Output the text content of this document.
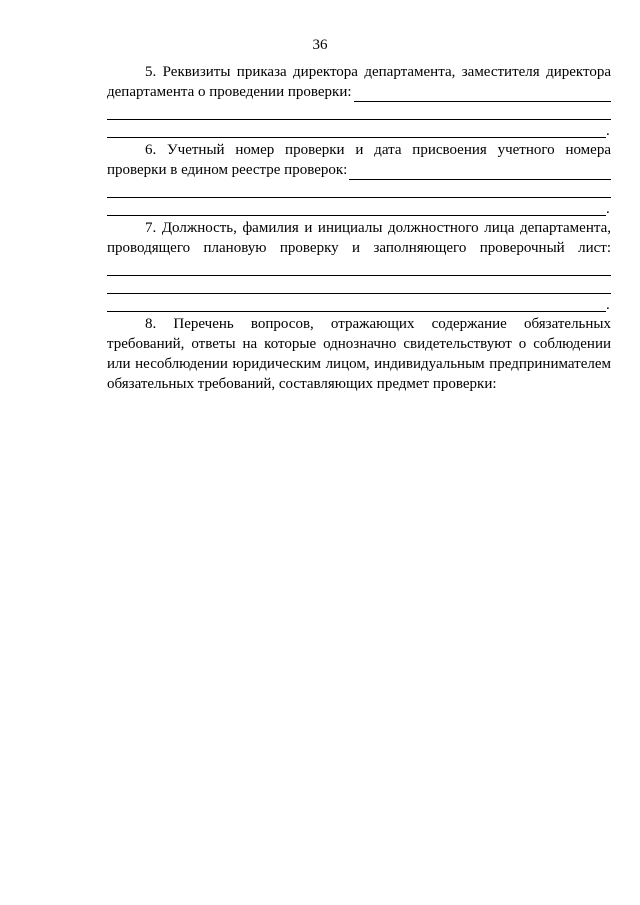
36

5. Реквизиты приказа директора департамента, заместителя директора

департамента о проведении проверки:
.

6. Учетный номер проверки и дата присвоения учетного номера

проверки в едином реестре проверок:
.

7. Должность, фамилия и инициалы должностного лица департамента,

проводящего плановую проверку и заполняющего проверочный лист:

.

8. Перечень вопросов, отражающих содержание обязательных требований, ответы на которые однозначно свидетельствуют о соблюдении или несоблюдении юридическим лицом, индивидуальным предпринимателем обязательных требований, составляющих предмет проверки:
